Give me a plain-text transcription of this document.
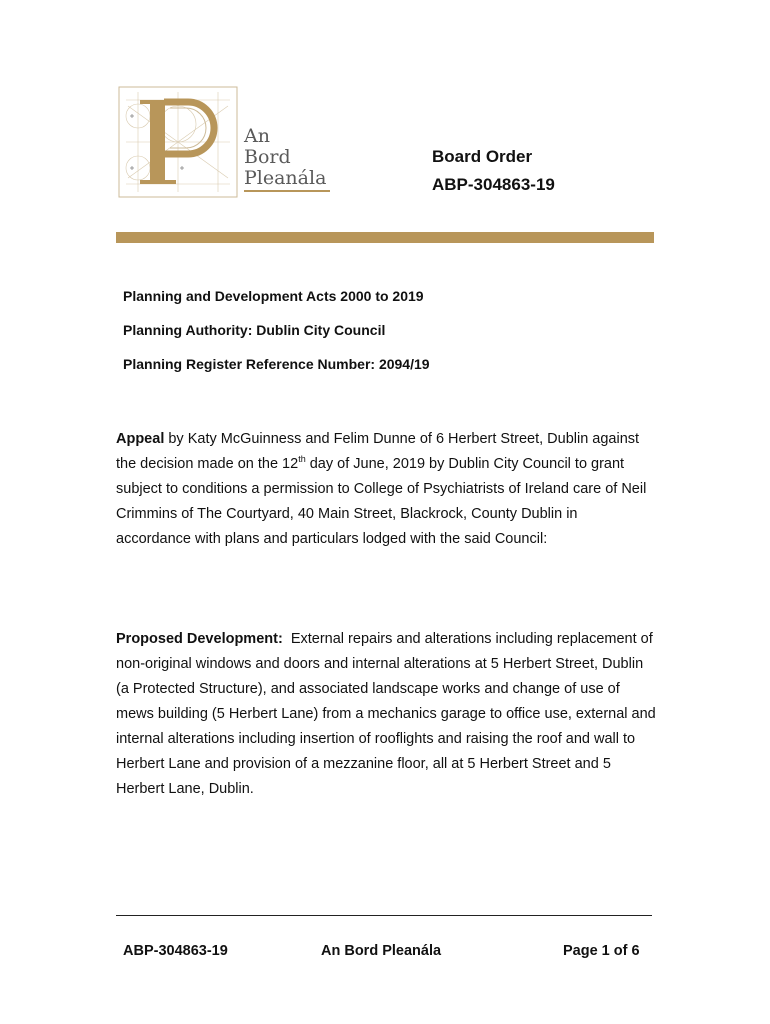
An
Bord
Pleanála
Board Order
ABP-304863-19
Planning and Development Acts 2000 to 2019
Planning Authority: Dublin City Council
Planning Register Reference Number: 2094/19
Appeal by Katy McGuinness and Felim Dunne of 6 Herbert Street, Dublin against the decision made on the 12th day of June, 2019 by Dublin City Council to grant subject to conditions a permission to College of Psychiatrists of Ireland care of Neil Crimmins of The Courtyard, 40 Main Street, Blackrock, County Dublin in accordance with plans and particulars lodged with the said Council:
Proposed Development:  External repairs and alterations including replacement of non-original windows and doors and internal alterations at 5 Herbert Street, Dublin (a Protected Structure), and associated landscape works and change of use of mews building (5 Herbert Lane) from a mechanics garage to office use, external and internal alterations including insertion of rooflights and raising the roof and wall to Herbert Lane and provision of a mezzanine floor, all at 5 Herbert Street and 5 Herbert Lane, Dublin.
ABP-304863-19	An Bord Pleanála	Page 1 of 6
